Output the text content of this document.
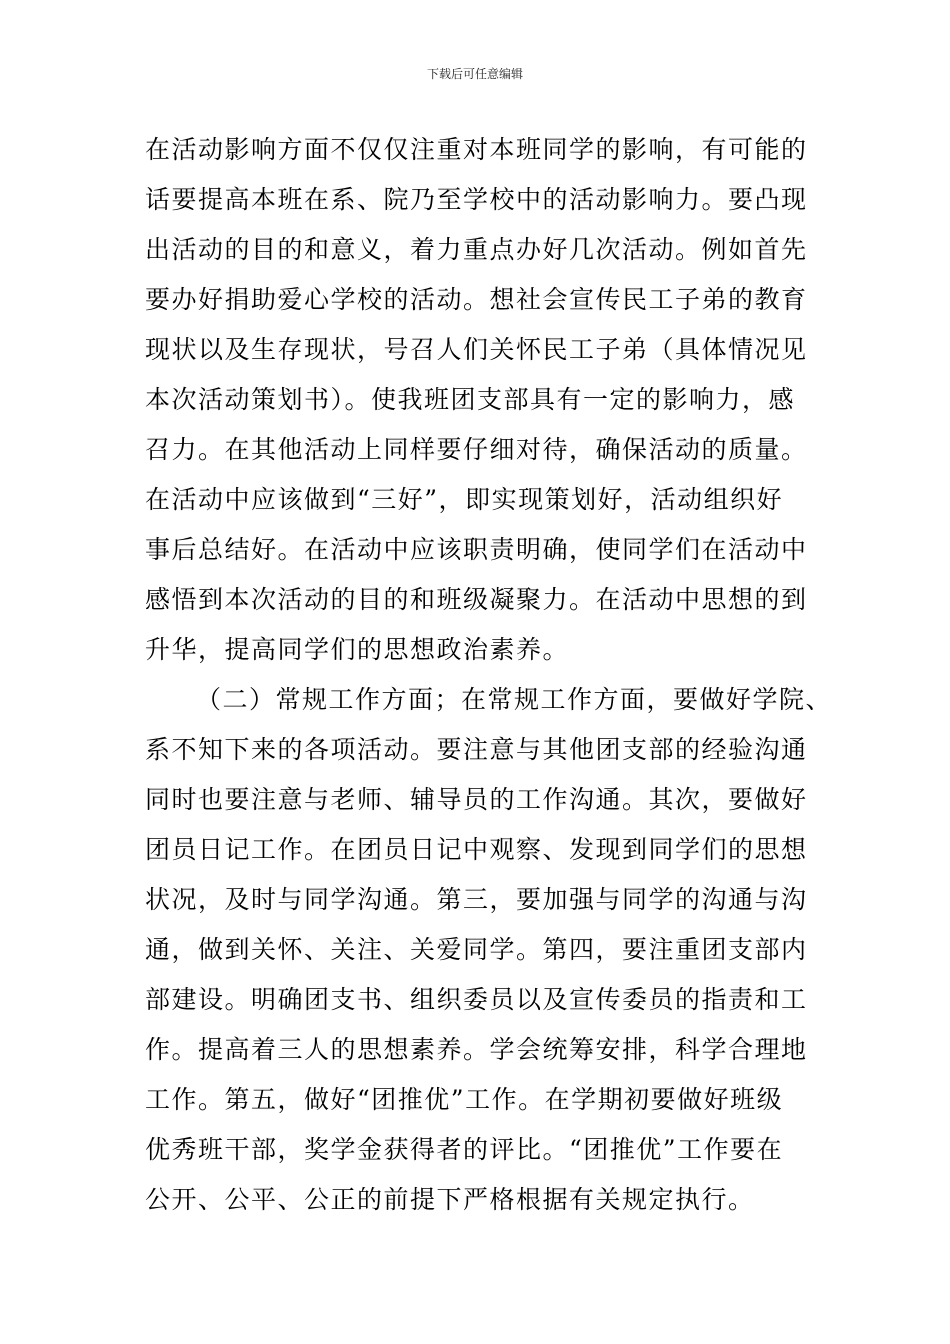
下载后可任意编辑
在活动影响方面不仅仅注重对本班同学的影响，有可能的
话要提高本班在系、院乃至学校中的活动影响力。要凸现
出活动的目的和意义，着力重点办好几次活动。例如首先
要办好捐助爱心学校的活动。想社会宣传民工子弟的教育
现状以及生存现状，号召人们关怀民工子弟（具体情况见
本次活动策划书）。使我班团支部具有一定的影响力，感
召力。在其他活动上同样要仔细对待，确保活动的质量。
在活动中应该做到“三好”，即实现策划好，活动组织好
事后总结好。在活动中应该职责明确，使同学们在活动中
感悟到本次活动的目的和班级凝聚力。在活动中思想的到
升华，提高同学们的思想政治素养。
（二）常规工作方面；在常规工作方面，要做好学院、
系不知下来的各项活动。要注意与其他团支部的经验沟通
同时也要注意与老师、辅导员的工作沟通。其次，要做好
团员日记工作。在团员日记中观察、发现到同学们的思想
状况，及时与同学沟通。第三，要加强与同学的沟通与沟
通，做到关怀、关注、关爱同学。第四，要注重团支部内
部建设。明确团支书、组织委员以及宣传委员的指责和工
作。提高着三人的思想素养。学会统筹安排，科学合理地
工作。第五，做好“团推优”工作。在学期初要做好班级
优秀班干部，奖学金获得者的评比。“团推优”工作要在
公开、公平、公正的前提下严格根据有关规定执行。
